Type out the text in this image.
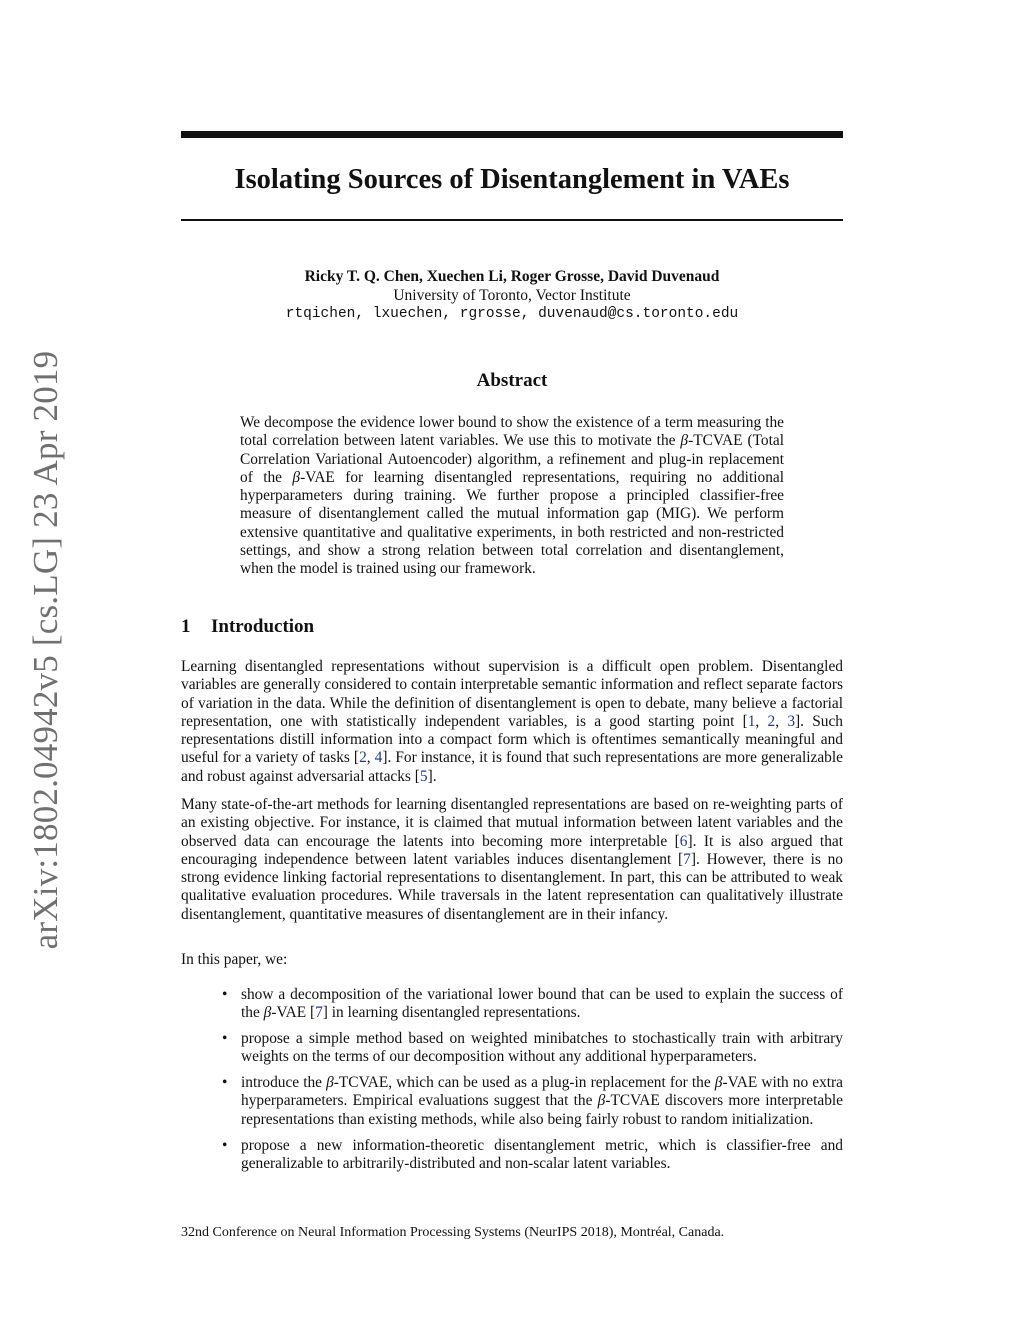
arXiv:1802.04942v5 [cs.LG] 23 Apr 2019
Isolating Sources of Disentanglement in VAEs
Ricky T. Q. Chen, Xuechen Li, Roger Grosse, David Duvenaud
University of Toronto, Vector Institute
rtqichen, lxuechen, rgrosse, duvenaud@cs.toronto.edu
Abstract

We decompose the evidence lower bound to show the existence of a term measuring the total correlation between latent variables. We use this to motivate the β-TCVAE (Total Correlation Variational Autoencoder) algorithm, a refinement and plug-in replacement of the β-VAE for learning disentangled representations, requiring no additional hyperparameters during training. We further propose a principled classifier-free measure of disentanglement called the mutual information gap (MIG). We perform extensive quantitative and qualitative experiments, in both restricted and non-restricted settings, and show a strong relation between total correlation and disentanglement, when the model is trained using our framework.

1 Introduction

Learning disentangled representations without supervision is a difficult open problem. Disentangled variables are generally considered to contain interpretable semantic information and reflect separate factors of variation in the data. While the definition of disentanglement is open to debate, many believe a factorial representation, one with statistically independent variables, is a good starting point [1, 2, 3]. Such representations distill information into a compact form which is oftentimes semantically meaningful and useful for a variety of tasks [2, 4]. For instance, it is found that such representations are more generalizable and robust against adversarial attacks [5].

Many state-of-the-art methods for learning disentangled representations are based on re-weighting parts of an existing objective. For instance, it is claimed that mutual information between latent variables and the observed data can encourage the latents into becoming more interpretable [6]. It is also argued that encouraging independence between latent variables induces disentanglement [7]. However, there is no strong evidence linking factorial representations to disentanglement. In part, this can be attributed to weak qualitative evaluation procedures. While traversals in the latent representation can qualitatively illustrate disentanglement, quantitative measures of disentanglement are in their infancy.

In this paper, we:

• show a decomposition of the variational lower bound that can be used to explain the success of the β-VAE [7] in learning disentangled representations.
• propose a simple method based on weighted minibatches to stochastically train with arbitrary weights on the terms of our decomposition without any additional hyperparameters.
• introduce the β-TCVAE, which can be used as a plug-in replacement for the β-VAE with no extra hyperparameters. Empirical evaluations suggest that the β-TCVAE discovers more interpretable representations than existing methods, while also being fairly robust to random initialization.
• propose a new information-theoretic disentanglement metric, which is classifier-free and generalizable to arbitrarily-distributed and non-scalar latent variables.
32nd Conference on Neural Information Processing Systems (NeurIPS 2018), Montréal, Canada.
